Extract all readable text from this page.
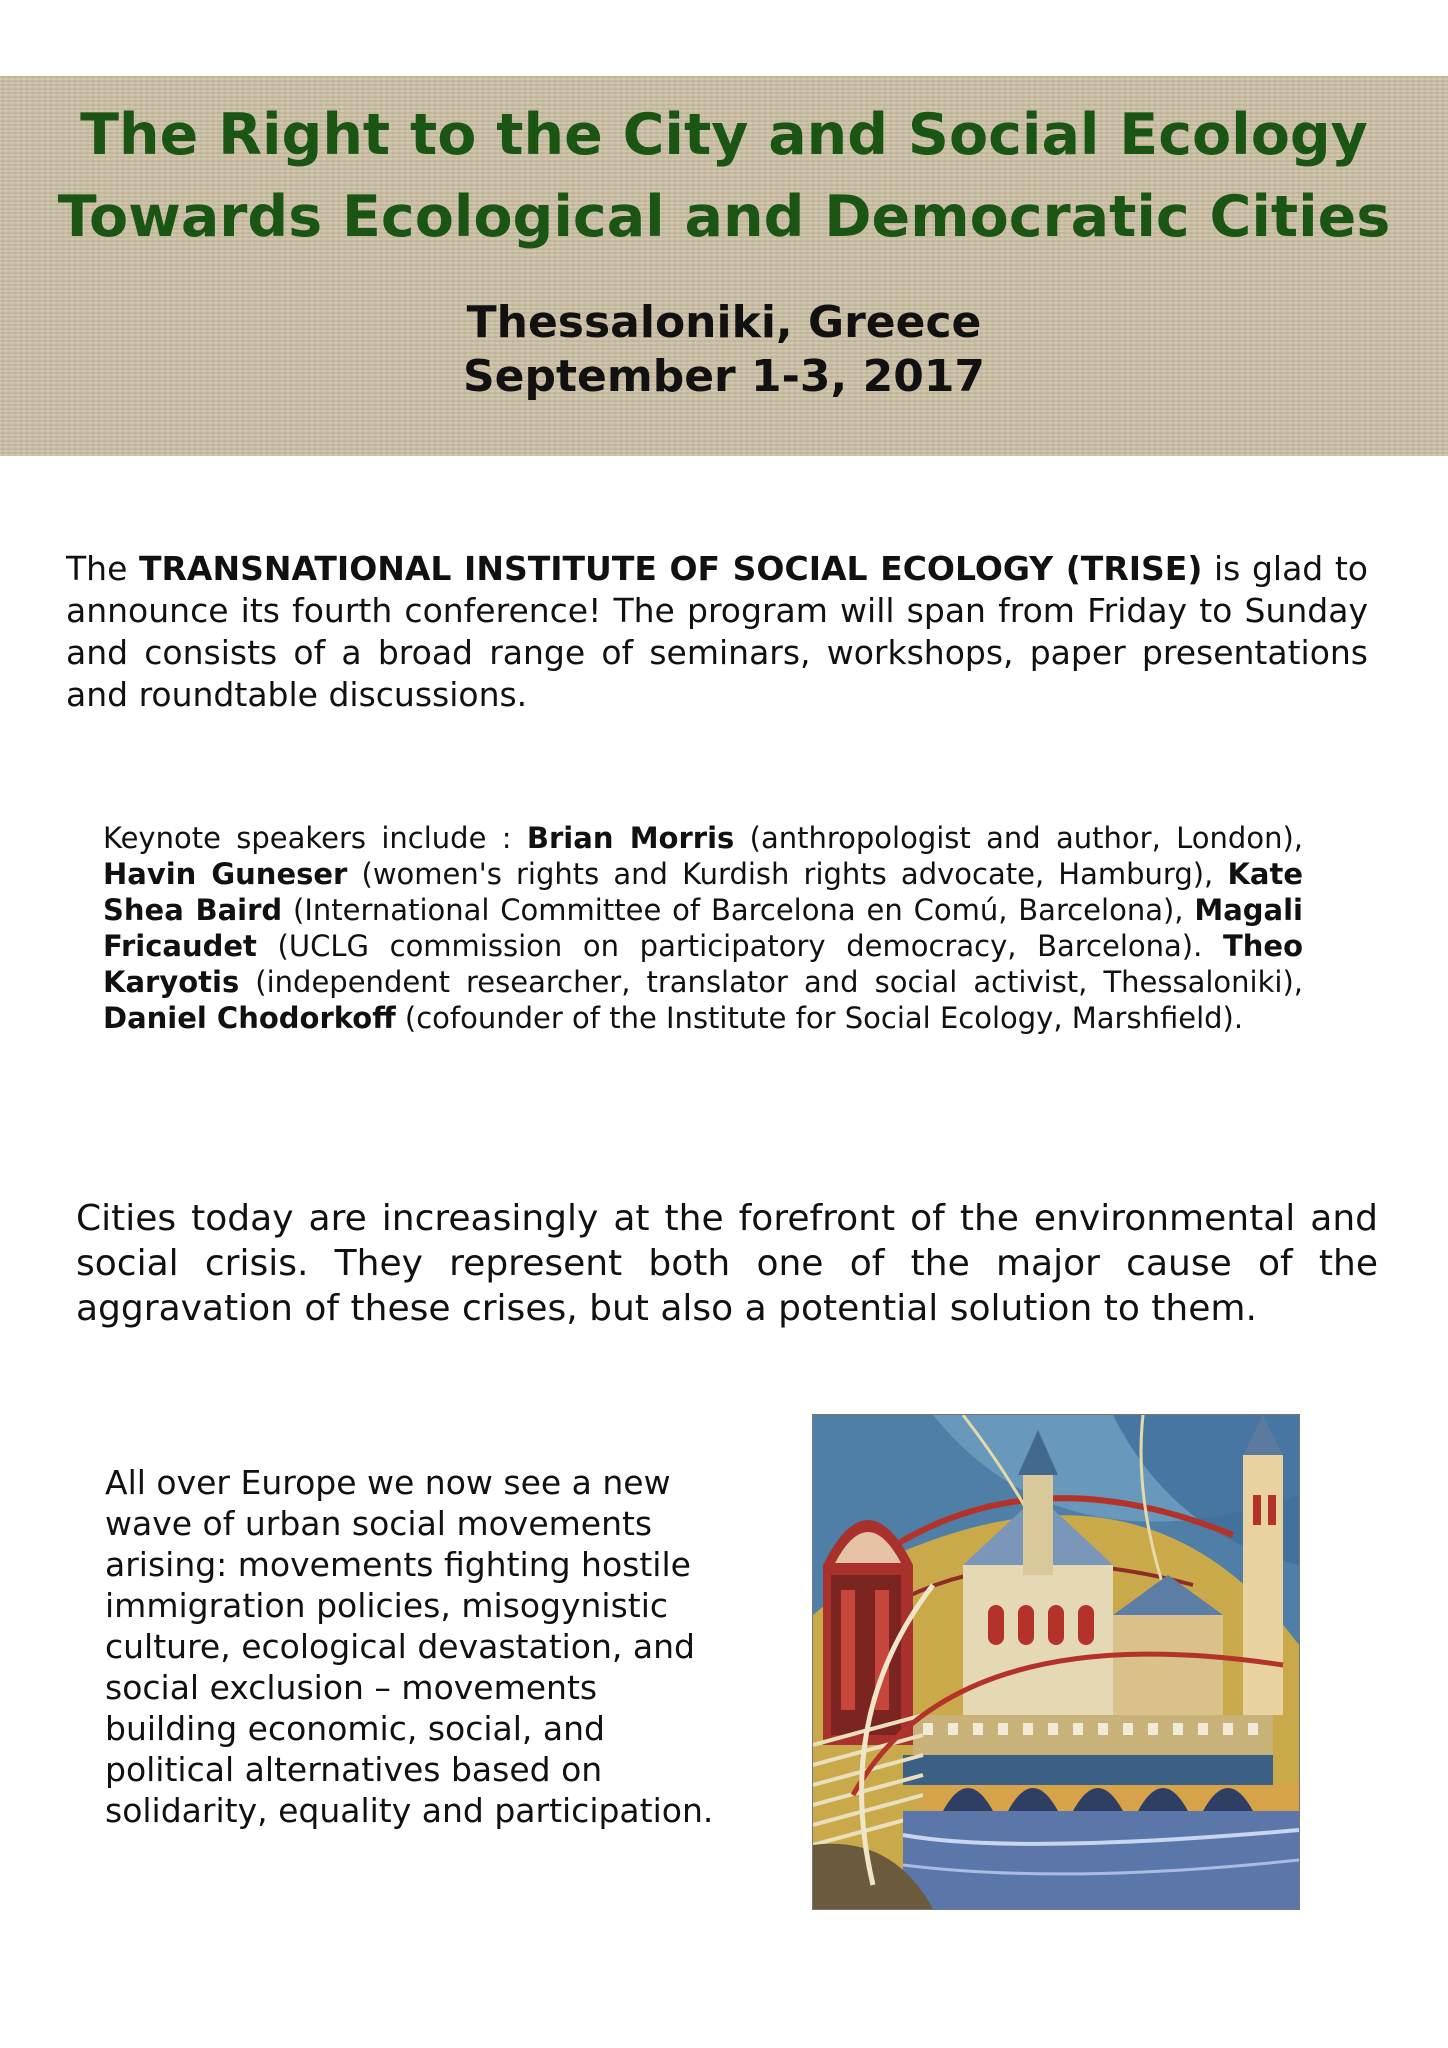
The Right to the City and Social Ecology
Towards Ecological and Democratic Cities
Thessaloniki, Greece
September 1-3, 2017

The TRANSNATIONAL INSTITUTE OF SOCIAL ECOLOGY (TRISE) is glad to announce its fourth conference! The program will span from Friday to Sunday and consists of a broad range of seminars, workshops, paper presentations and roundtable discussions.

Keynote speakers include : Brian Morris (anthropologist and author, London), Havin Guneser (women's rights and Kurdish rights advocate, Hamburg), Kate Shea Baird (International Committee of Barcelona en Comú, Barcelona), Magali Fricaudet (UCLG commission on participatory democracy, Barcelona). Theo Karyotis (independent researcher, translator and social activist, Thessaloniki), Daniel Chodorkoff (cofounder of the Institute for Social Ecology, Marshfield).

Cities today are increasingly at the forefront of the environmental and social crisis. They represent both one of the major cause of the aggravation of these crises, but also a potential solution to them.

All over Europe we now see a new
wave of urban social movements
arising: movements fighting hostile
immigration policies, misogynistic
culture, ecological devastation, and
social exclusion – movements
building economic, social, and
political alternatives based on
solidarity, equality and participation.
